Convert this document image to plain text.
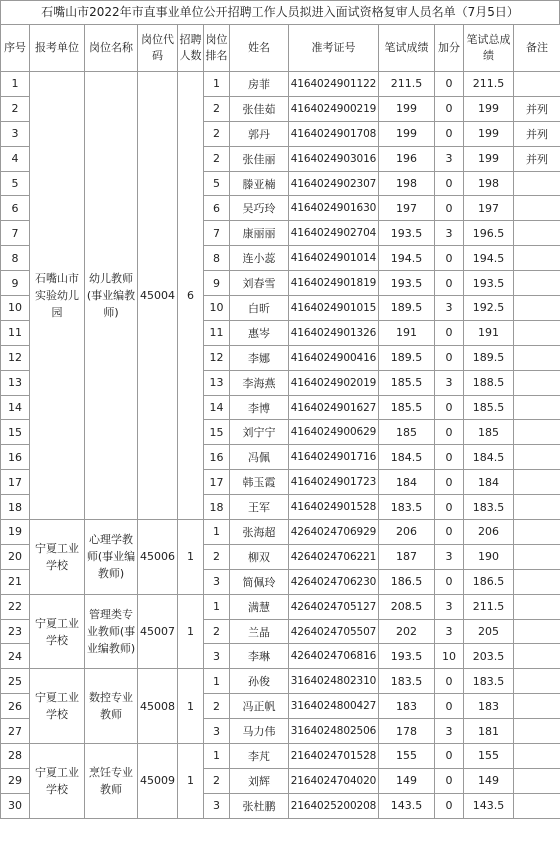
石嘴山市2022年市直事业单位公开招聘工作人员拟进入面试资格复审人员名单（7月5日）
序号	报考单位	岗位名称	岗位代码	招聘人数	岗位排名	姓名	准考证号	笔试成绩	加分	笔试总成绩	备注
1	石嘴山市实验幼儿园	幼儿教师(事业编教师)	45004	6	1	房菲	4164024901122	211.5	0	211.5	
2					2	张佳茹	4164024900219	199	0	199	并列
3					2	郭丹	4164024901708	199	0	199	并列
4					2	张佳丽	4164024903016	196	3	199	并列
5					5	滕亚楠	4164024902307	198	0	198	
6					6	吴巧玲	4164024901630	197	0	197	
7					7	康丽丽	4164024902704	193.5	3	196.5	
8					8	连小蕊	4164024901014	194.5	0	194.5	
9					9	刘春雪	4164024901819	193.5	0	193.5	
10					10	白昕	4164024901015	189.5	3	192.5	
11					11	惠岑	4164024901326	191	0	191	
12					12	李娜	4164024900416	189.5	0	189.5	
13					13	李海燕	4164024902019	185.5	3	188.5	
14					14	李博	4164024901627	185.5	0	185.5	
15					15	刘宁宁	4164024900629	185	0	185	
16					16	冯佩	4164024901716	184.5	0	184.5	
17					17	韩玉霞	4164024901723	184	0	184	
18					18	王军	4164024901528	183.5	0	183.5	
19	宁夏工业学校	心理学教师(事业编教师)	45006	1	1	张海超	4264024706929	206	0	206	
20					2	柳双	4264024706221	187	3	190	
21					3	简佩玲	4264024706230	186.5	0	186.5	
22	宁夏工业学校	管理类专业教师(事业编教师)	45007	1	1	满慧	4264024705127	208.5	3	211.5	
23					2	兰晶	4264024705507	202	3	205	
24					3	李琳	4264024706816	193.5	10	203.5	
25	宁夏工业学校	数控专业教师	45008	1	1	孙俊	3164024802310	183.5	0	183.5	
26					2	冯正帆	3164024800427	183	0	183	
27					3	马力伟	3164024802506	178	3	181	
28	宁夏工业学校	烹饪专业教师	45009	1	1	李芃	2164024701528	155	0	155	
29					2	刘辉	2164024704020	149	0	149	
30					3	张杜鹏	2164025200208	143.5	0	143.5	
